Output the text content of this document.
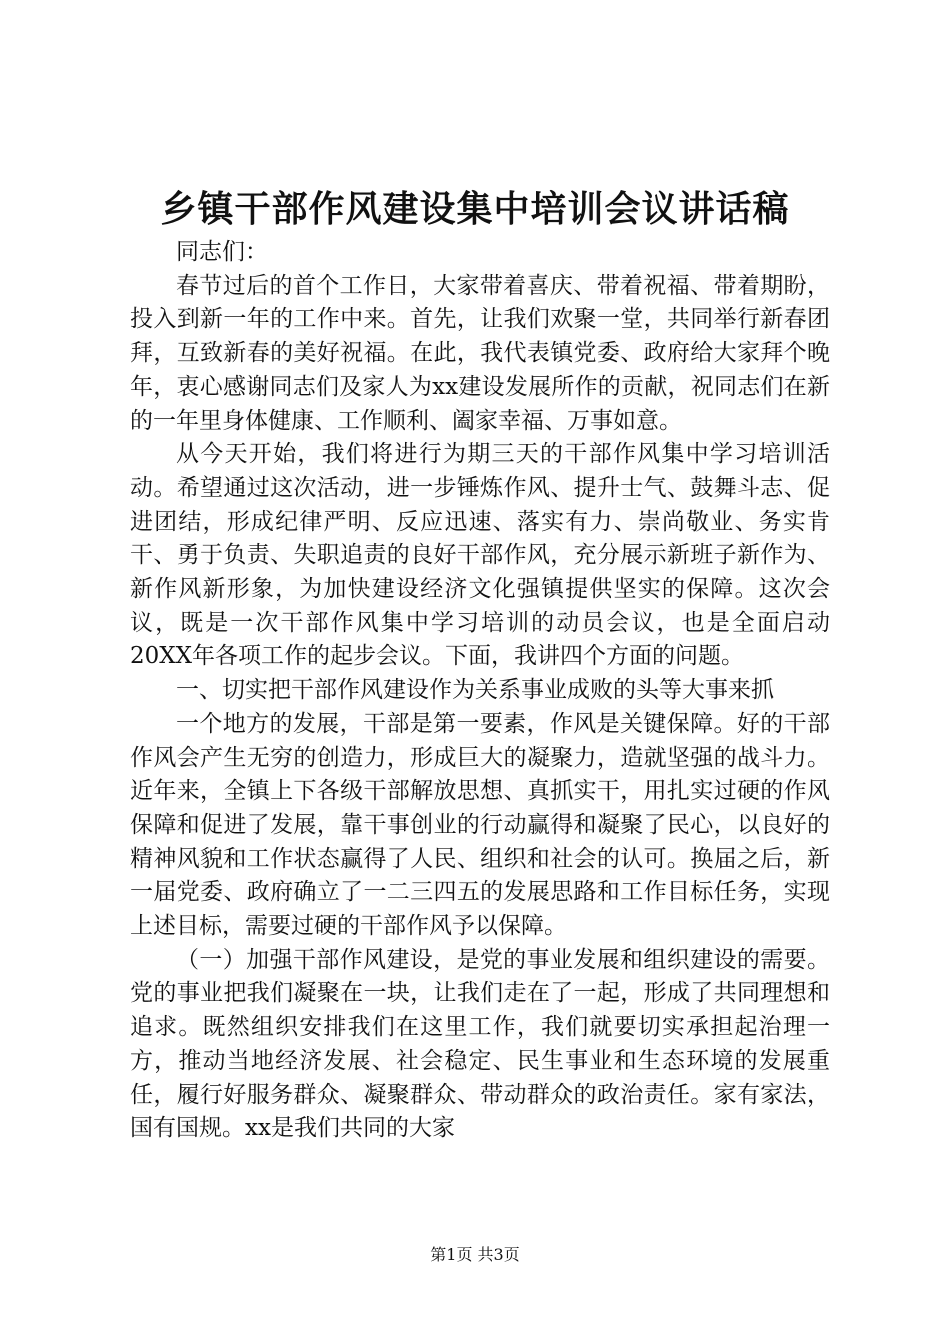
乡镇干部作风建设集中培训会议讲话稿

同志们：

春节过后的首个工作日，大家带着喜庆、带着祝福、带着期盼，投入到新一年的工作中来。首先，让我们欢聚一堂，共同举行新春团拜，互致新春的美好祝福。在此，我代表镇党委、政府给大家拜个晚年，衷心感谢同志们及家人为xx建设发展所作的贡献，祝同志们在新的一年里身体健康、工作顺利、阖家幸福、万事如意。

从今天开始，我们将进行为期三天的干部作风集中学习培训活动。希望通过这次活动，进一步锤炼作风、提升士气、鼓舞斗志、促进团结，形成纪律严明、反应迅速、落实有力、崇尚敬业、务实肯干、勇于负责、失职追责的良好干部作风，充分展示新班子新作为、新作风新形象，为加快建设经济文化强镇提供坚实的保障。这次会议，既是一次干部作风集中学习培训的动员会议，也是全面启动20XX年各项工作的起步会议。下面，我讲四个方面的问题。

一、切实把干部作风建设作为关系事业成败的头等大事来抓

一个地方的发展，干部是第一要素，作风是关键保障。好的干部作风会产生无穷的创造力，形成巨大的凝聚力，造就坚强的战斗力。近年来，全镇上下各级干部解放思想、真抓实干，用扎实过硬的作风保障和促进了发展，靠干事创业的行动赢得和凝聚了民心，以良好的精神风貌和工作状态赢得了人民、组织和社会的认可。换届之后，新一届党委、政府确立了一二三四五的发展思路和工作目标任务，实现上述目标，需要过硬的干部作风予以保障。

（一）加强干部作风建设，是党的事业发展和组织建设的需要。党的事业把我们凝聚在一块，让我们走在了一起，形成了共同理想和追求。既然组织安排我们在这里工作，我们就要切实承担起治理一方，推动当地经济发展、社会稳定、民生事业和生态环境的发展重任，履行好服务群众、凝聚群众、带动群众的政治责任。家有家法，国有国规。xx是我们共同的大家

第1页 共3页
